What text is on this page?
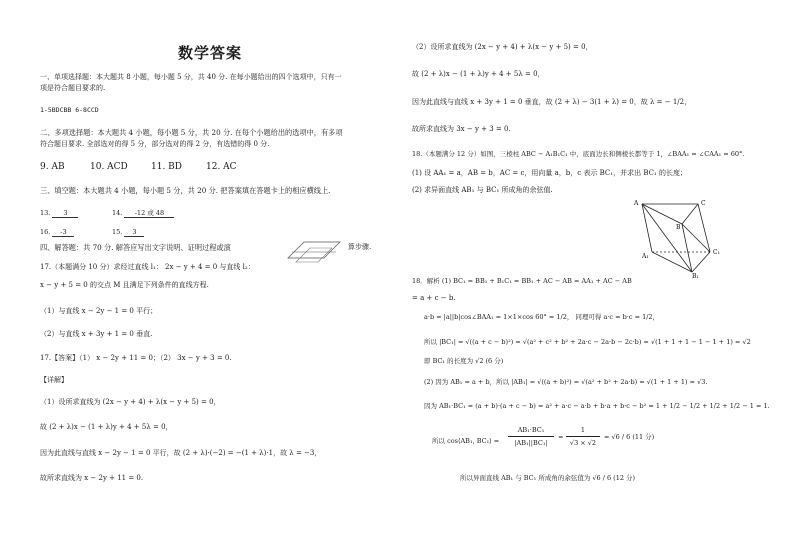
数学答案
一、单项选择题：本大题共 8 小题，每小题 5 分，共 40 分. 在每小题给出的四个选项中，只有一
项是符合题目要求的.
1-5BDCBB 6-8CCD
二、多项选择题：本大题共 4 小题，每小题 5 分，共 20 分. 在每个小题给出的选项中，有多项
符合题目要求. 全部选对的得 5 分，部分选对的得 2 分，有选错的得 0 分.
9. AB	10. ACD	11. BD	12. AC
三、填空题：本大题共 4 小题，每小题 5 分，共 20 分. 把答案填在答题卡上的相应横线上.
13. 3	14. -12 或 48
16. -3	15. 3
四、解答题：共 70 分. 解答应写出文字说明、证明过程或演	算步骤.
17.（本题满分 10 分）求经过直线 l₁： 2x − y + 4 = 0 与直线 l₂：
x − y + 5 = 0 的交点 M 且满足下列条件的直线方程.
（1）与直线 x − 2y − 1 = 0 平行；
（2）与直线 x + 3y + 1 = 0 垂直.
17.【答案】（1） x − 2y + 11 = 0；（2） 3x − y + 3 = 0.
【详解】
（1）设所求直线为 (2x − y + 4) + λ(x − y + 5) = 0，
故 (2 + λ)x − (1 + λ)y + 4 + 5λ = 0，
因为此直线与直线 x − 2y − 1 = 0 平行，故 (2 + λ)·(−2) = −(1 + λ)·1，故 λ = −3，
故所求直线为 x − 2y + 11 = 0.
（2）设所求直线为 (2x − y + 4) + λ(x − y + 5) = 0，
故 (2 + λ)x − (1 + λ)y + 4 + 5λ = 0，
因为此直线与直线 x + 3y + 1 = 0 垂直，故 (2 + λ) − 3(1 + λ) = 0，故 λ = − 1/2，
故所求直线为 3x − y + 3 = 0.
18.（本题满分 12 分）如图，三棱柱 ABC − A₁B₁C₁ 中，底面边长和侧棱长都等于 1，∠BAA₁ = ∠CAA₁ = 60°.
(1) 设 AA₁ = a，AB = b，AC = c，用向量 a，b，c 表示 BC₁，并求出 BC₁ 的长度；
(2) 求异面直线 AB₁ 与 BC₁ 所成角的余弦值.
A
B
C
A₁
B₁
C₁
18．解析 (1) BC₁ = BB₁ + B₁C₁ = BB₁ + AC − AB = AA₁ + AC − AB
= a + c − b.
a·b = |a||b|cos∠BAA₁ = 1×1×cos 60° = 1/2， 同理可得 a·c = b·c = 1/2，
所以 |BC₁| = √((a + c − b)²) = √(a² + c² + b² + 2a·c − 2a·b − 2c·b) = √(1 + 1 + 1 − 1 − 1 + 1) = √2
即 BC₁ 的长度为 √2 (6 分)
(2) 因为 AB₁ = a + b，所以 |AB₁| = √((a + b)²) = √(a² + b² + 2a·b) = √(1 + 1 + 1) = √3.
因为 AB₁·BC₁ = (a + b)·(a + c − b) = a² + a·c − a·b + b·a + b·c − b² = 1 + 1/2 − 1/2 + 1/2 + 1/2 − 1 = 1.
所以 cos⟨AB₁, BC₁⟩ =
AB₁·BC₁
|AB₁||BC₁|
=
1
√3 × √2
= √6 / 6 (11 分)
所以异面直线 AB₁ 与 BC₁ 所成角的余弦值为 √6 / 6 (12 分)
